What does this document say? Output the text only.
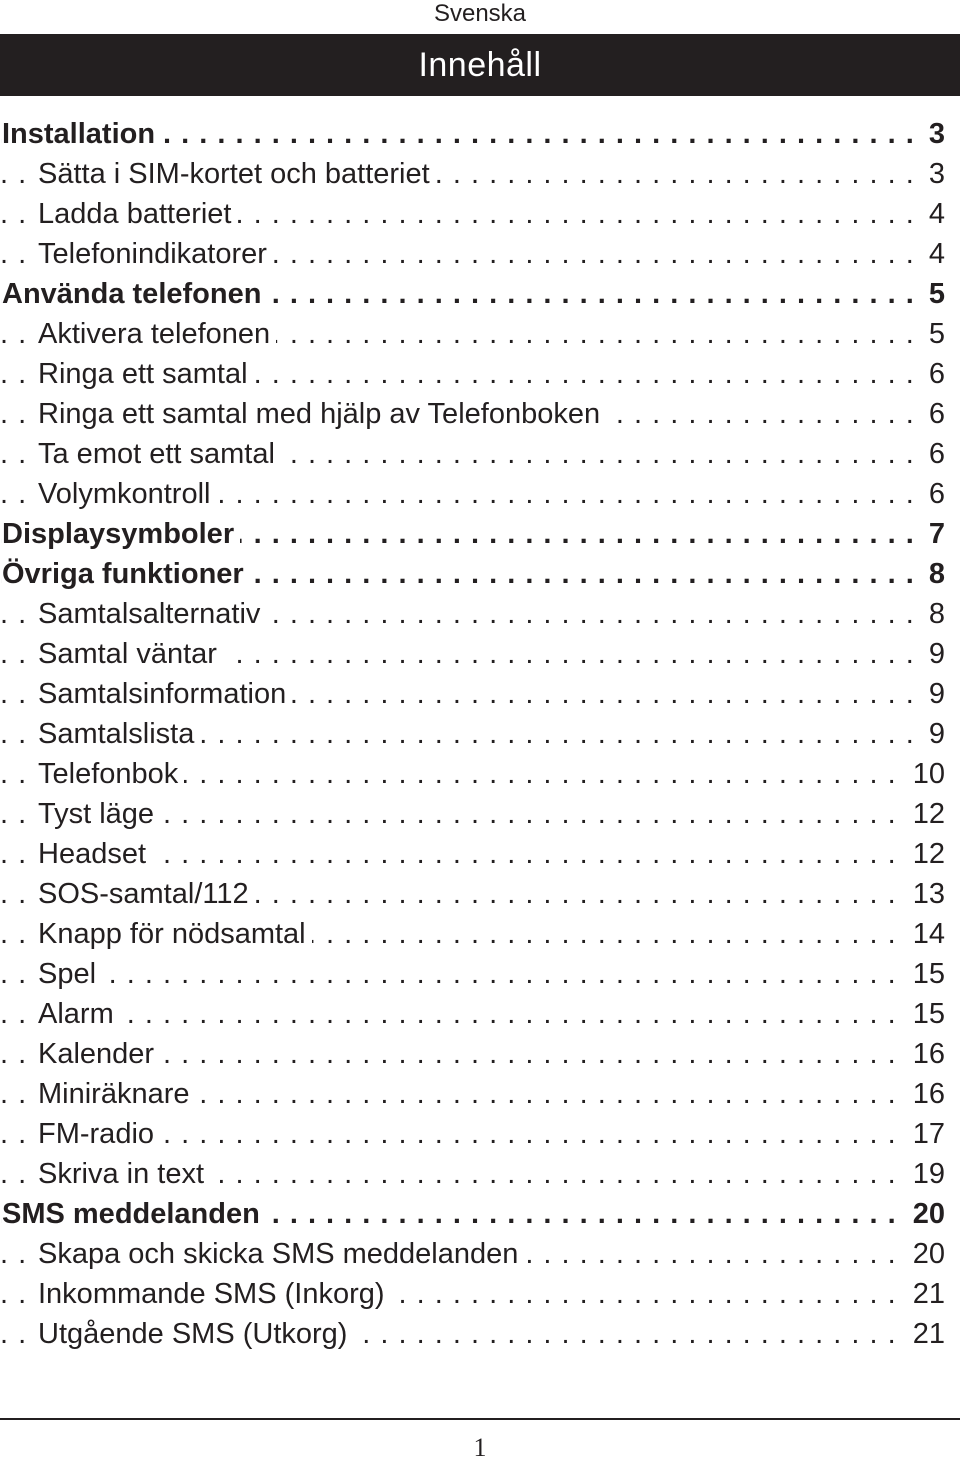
Svenska
Innehåll
Installation	3
. . .
Sätta i SIM-kortet och batteriet	3
. . .
Ladda batteriet	4
. . .
Telefonindikatorer	4
. . .
Använda telefonen	5
. . .
Aktivera telefonen	5
. . .
Ringa ett samtal	6
. . .
Ringa ett samtal med hjälp av Telefonboken	6
. . .
Ta emot ett samtal	6
. . .
Volymkontroll	6
. . .
Displaysymboler	7
. . .
Övriga funktioner	8
. . .
Samtalsalternativ	8
. . .
Samtal väntar	9
. . .
Samtalsinformation	9
. . .
Samtalslista	9
. . .
Telefonbok	10
. . .
Tyst läge	12
. . .
Headset	12
. . .
SOS-samtal/112	13
. . .
Knapp för nödsamtal	14
. . .
Spel	15
. . .
Alarm	15
. . .
Kalender	16
. . .
Miniräknare	16
. . .
FM-radio	17
. . .
Skriva in text	19
. . .
SMS meddelanden	20
. . .
Skapa och skicka SMS meddelanden	20
. . .
Inkommande SMS (Inkorg)	21
. . .
Utgående SMS (Utkorg)	21
. . .
1
